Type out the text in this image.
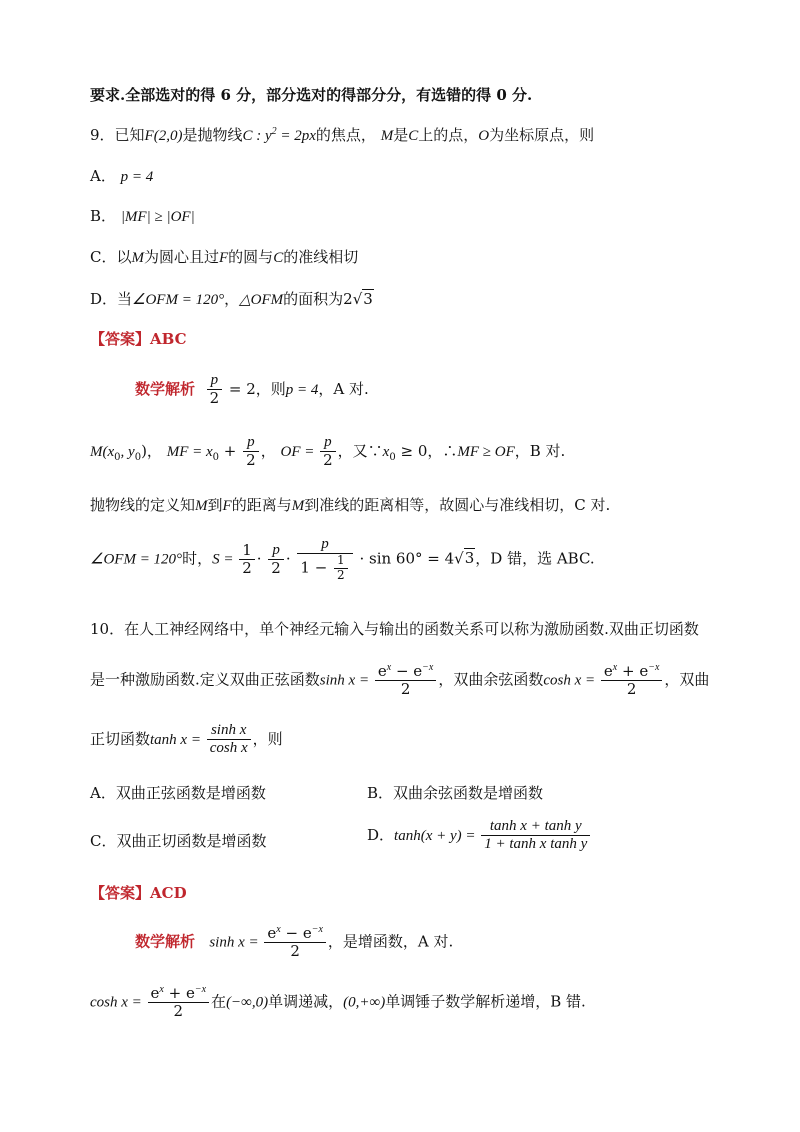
要求.全部选对的得 6 分，部分选对的得部分分，有选错的得 0 分.
9．已知F(2,0)是抛物线C : $y^2 = 2px$的焦点， M是C上的点，O为坐标原点，则
A． p = 4
B． |MF| ≥ |OF|
C．以M为圆心且过F的圆与C的准线相切
D．当∠OFM = 120°，△OFM的面积为2√3
【答案】ABC
数学解析 $\frac{p}{2} = 2$，则p = 4，A 对.
$M(x_0$, $y_0$)， MF = $x_0 + \frac{p}{2}$ ， OF = $\frac{p}{2}$ ，又$\because x_0 \ge 0$，∴MF ≥ OF，B 对.
抛物线的定义知M到F的距离与M到准线的距离相等，故圆心与准线相切，C 对.
∠OFM = 120°时，$S = \frac{1}{2} \cdot \frac{p}{2} \cdot \frac{p}{1 - \frac{1}{2}} \cdot \sin 60^\circ = 4√3$，D 错，选 ABC.
10．在人工神经网络中，单个神经元输入与输出的函数关系可以称为激励函数.双曲正切函数
是一种激励函数.定义双曲正弦函数$\sinh x = \frac{e^x - e^{-x}}{2}$ ，双曲余弦函数$\cosh x = \frac{e^x + e^{-x}}{2}$ ，双曲
正切函数$\tanh x = \frac{\text{sinh x}}{\text{cosh x}}$ ，则
A．双曲正弦函数是增函数	B．双曲余弦函数是增函数
C．双曲正切函数是增函数	D．$\tanh(x + y) = \frac{\text{tanh x + tanh y}}{\text{1 + tanh x tanh y}}$
【答案】ACD
数学解析 $\sinh x = \frac{e^x - e^{-x}}{2}$ ，是增函数，A 对.
$\cosh x = \frac{e^x + e^{-x}}{2}$ 在(−∞,0)单调递减，(0,+∞)单调锤子数学解析递增，B 错.
